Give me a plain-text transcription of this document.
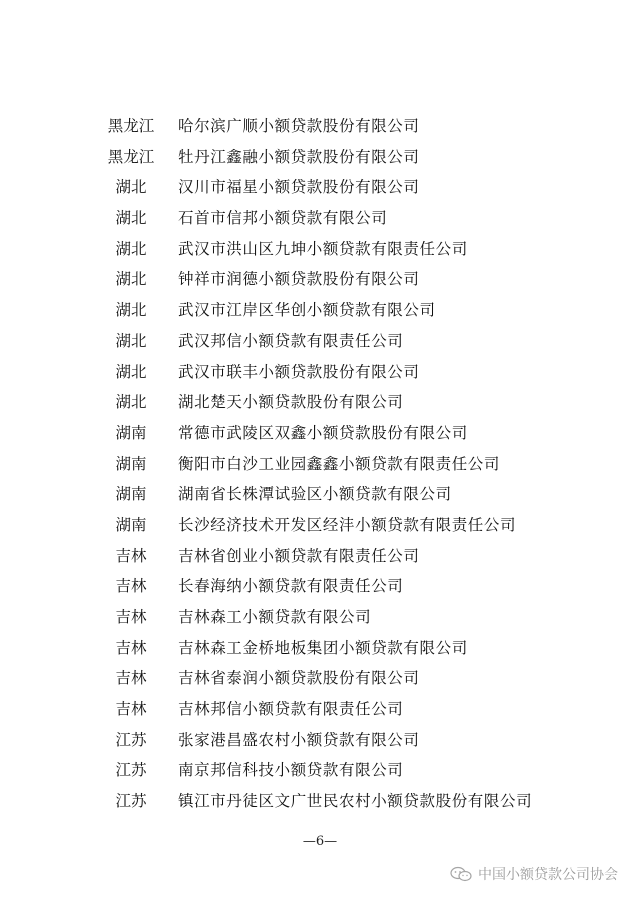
黑龙江	哈尔滨广顺小额贷款股份有限公司
黑龙江	牡丹江鑫融小额贷款股份有限公司
湖北	汉川市福星小额贷款股份有限公司
湖北	石首市信邦小额贷款有限公司
湖北	武汉市洪山区九坤小额贷款有限责任公司
湖北	钟祥市润德小额贷款股份有限公司
湖北	武汉市江岸区华创小额贷款有限公司
湖北	武汉邦信小额贷款有限责任公司
湖北	武汉市联丰小额贷款股份有限公司
湖北	湖北楚天小额贷款股份有限公司
湖南	常德市武陵区双鑫小额贷款股份有限公司
湖南	衡阳市白沙工业园鑫鑫小额贷款有限责任公司
湖南	湖南省长株潭试验区小额贷款有限公司
湖南	长沙经济技术开发区经沣小额贷款有限责任公司
吉林	吉林省创业小额贷款有限责任公司
吉林	长春海纳小额贷款有限责任公司
吉林	吉林森工小额贷款有限公司
吉林	吉林森工金桥地板集团小额贷款有限公司
吉林	吉林省泰润小额贷款股份有限公司
吉林	吉林邦信小额贷款有限责任公司
江苏	张家港昌盛农村小额贷款有限公司
江苏	南京邦信科技小额贷款有限公司
江苏	镇江市丹徒区文广世民农村小额贷款股份有限公司
—6—
中国小额贷款公司协会
